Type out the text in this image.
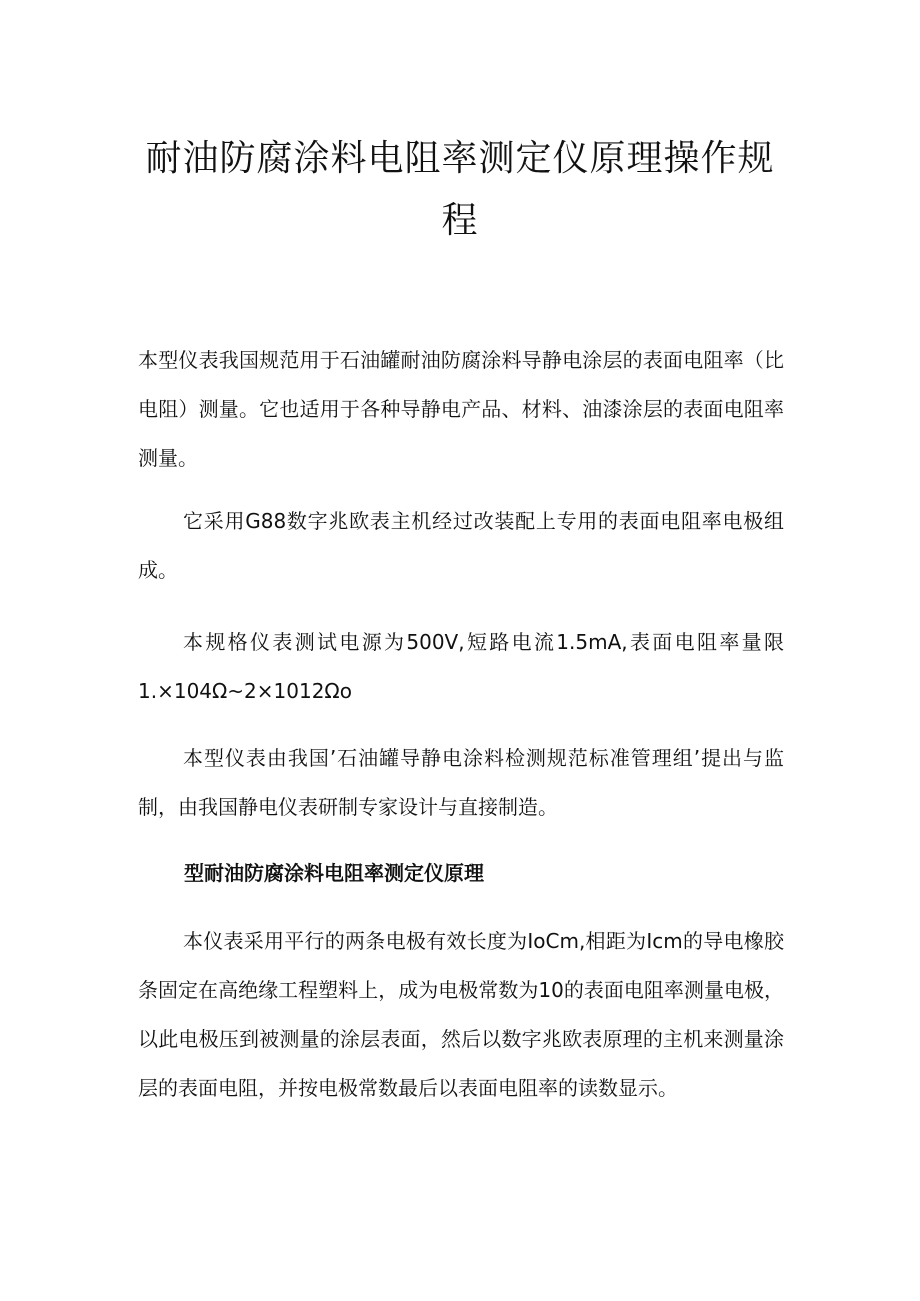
耐油防腐涂料电阻率测定仪原理操作规程

本型仪表我国规范用于石油罐耐油防腐涂料导静电涂层的表面电阻率（比电阻）测量。它也适用于各种导静电产品、材料、油漆涂层的表面电阻率测量。

它采用G88数字兆欧表主机经过改装配上专用的表面电阻率电极组成。

本规格仪表测试电源为500V,短路电流1.5mA,表面电阻率量限1.×104Ω~2×1012Ωo

本型仪表由我国’石油罐导静电涂料检测规范标准管理组’提出与监制，由我国静电仪表研制专家设计与直接制造。

型耐油防腐涂料电阻率测定仪原理

本仪表采用平行的两条电极有效长度为IoCm,相距为Icm的导电橡胶条固定在高绝缘工程塑料上，成为电极常数为10的表面电阻率测量电极，以此电极压到被测量的涂层表面，然后以数字兆欧表原理的主机来测量涂层的表面电阻，并按电极常数最后以表面电阻率的读数显示。
